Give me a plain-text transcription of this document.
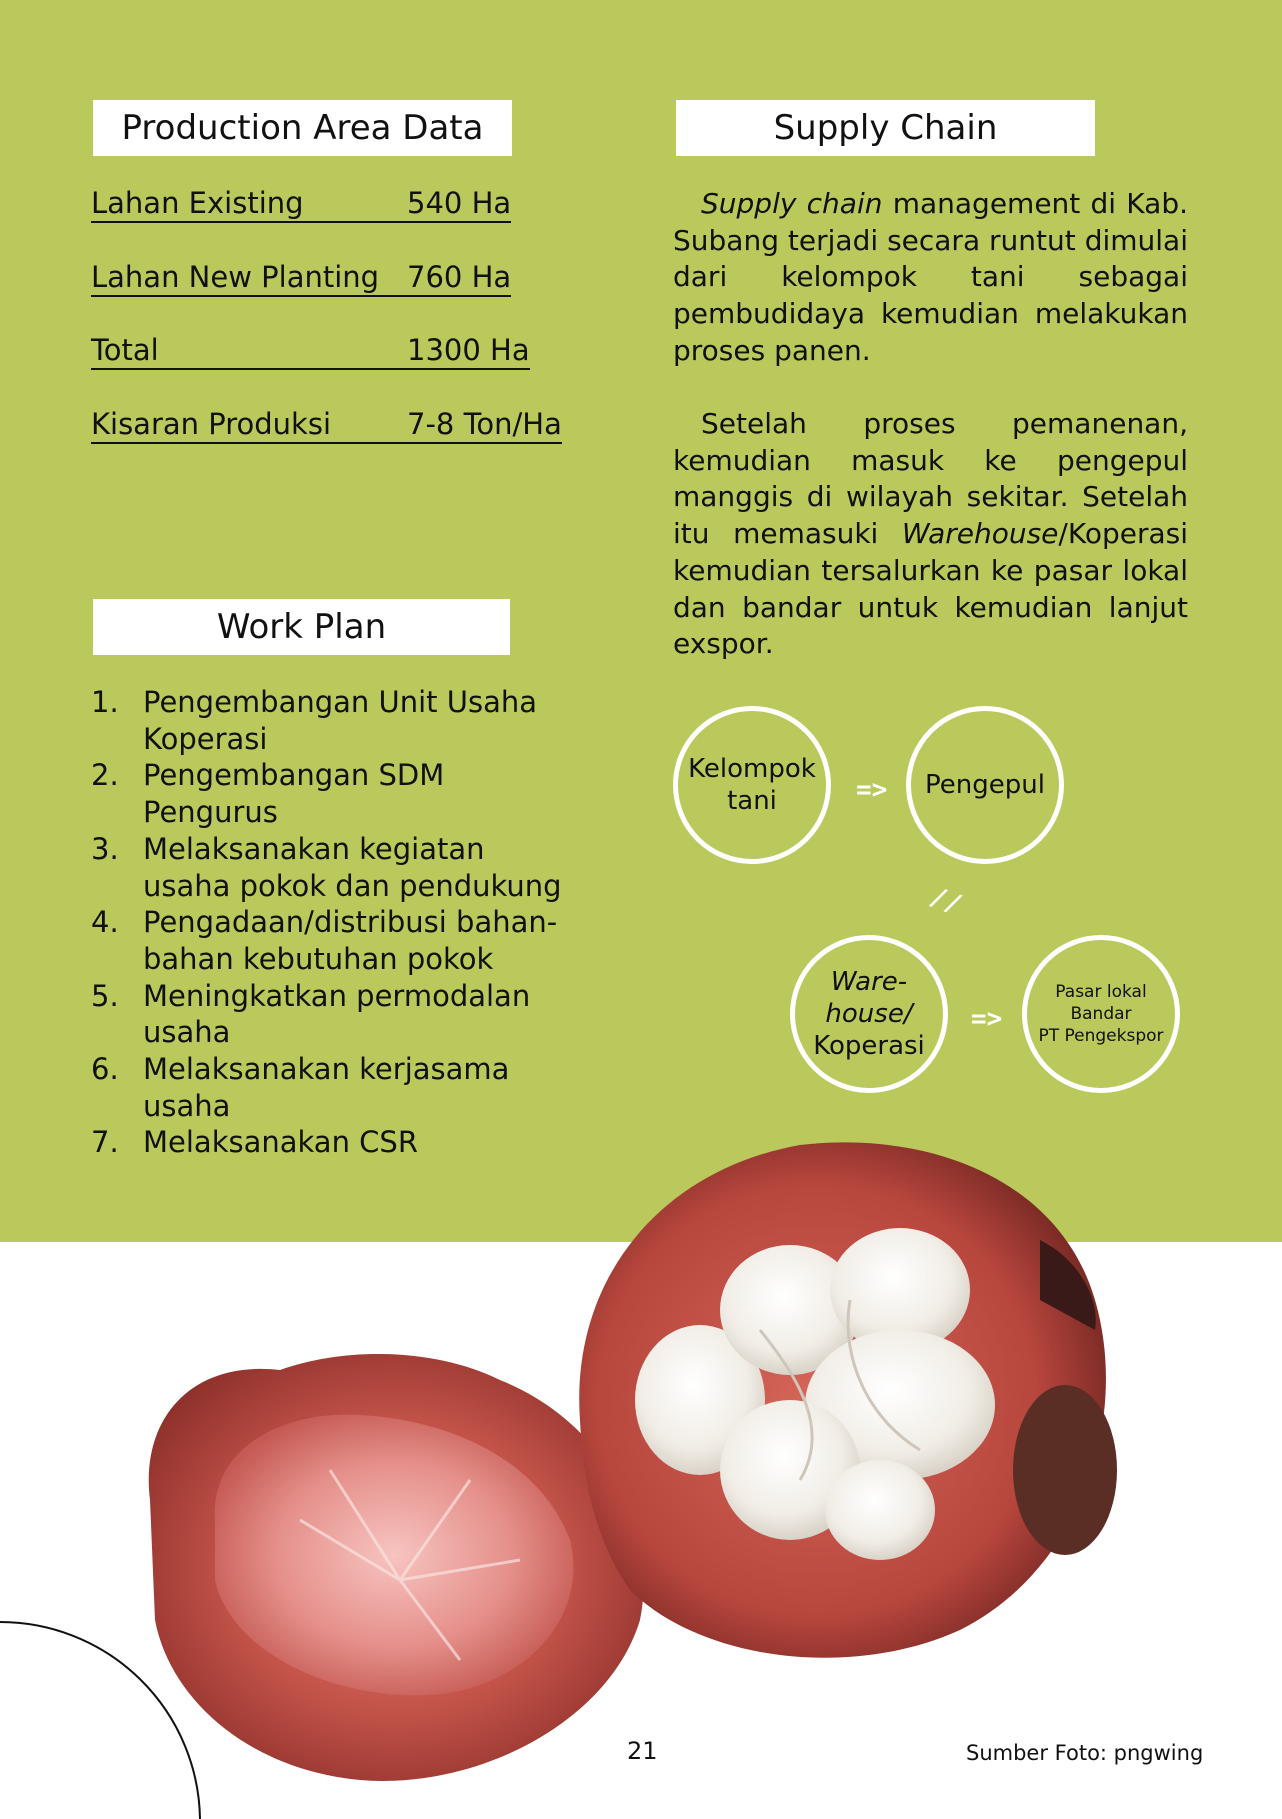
Production Area Data
Lahan Existing	540 Ha
Lahan New Planting 760 Ha
Total	1300 Ha
Kisaran Produksi	7-8 Ton/Ha
Work Plan
1. Pengembangan Unit Usaha Koperasi
2. Pengembangan SDM Pengurus
3. Melaksanakan kegiatan usaha pokok dan pendukung
4. Pengadaan/distribusi bahan-bahan kebutuhan pokok
5. Meningkatkan permodalan usaha
6. Melaksanakan kerjasama usaha
7. Melaksanakan CSR
Supply Chain

Supply chain management di Kab. Subang terjadi secara runtut dimulai dari kelompok tani sebagai pembudidaya kemudian melakukan proses panen.

Setelah proses pemanenan, kemudian masuk ke pengepul manggis di wilayah sekitar. Setelah itu memasuki Warehouse/Koperasi kemudian tersalurkan ke pasar lokal dan bandar untuk kemudian lanjut exspor.

Kelompok
tani	=> Pengepul
//
Ware-
house/
Koperasi
=>
Pasar lokal
Bandar
PT Pengekspor
21	Sumber Foto: pngwing
